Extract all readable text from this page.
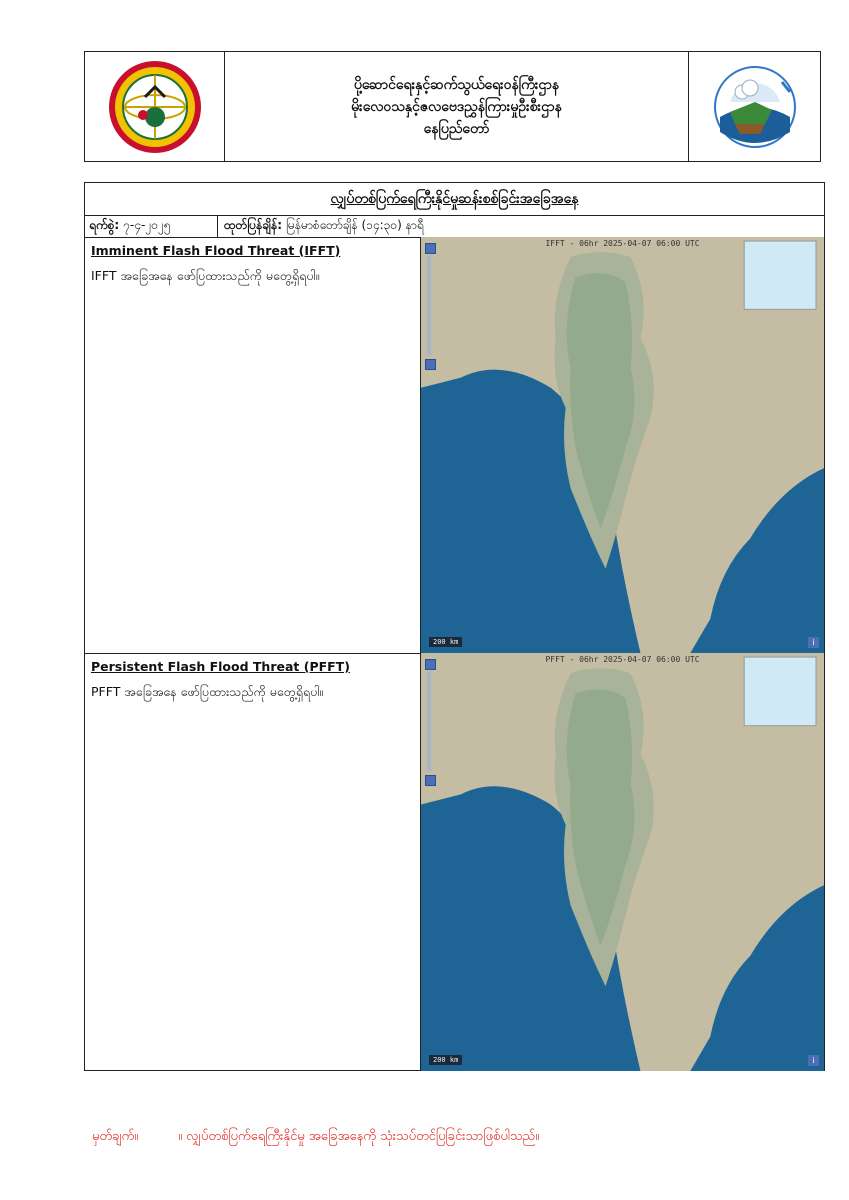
ပို့ဆောင်ရေးနှင့်ဆက်သွယ်ရေးဝန်ကြီးဌာန
မိုးလေဝသနှင့်ဇလဗေဒညွှန်ကြားမှုဦးစီးဌာန
နေပြည်တော်
လျှပ်တစ်ပြက်ရေကြီးနိုင်မှုဆန်းစစ်ခြင်းအခြေအနေ
ရက်စွဲ: ၇-၄-၂၀၂၅	ထုတ်ပြန်ချိန်: မြန်မာစံတော်ချိန် (၁၄:၃၀) နာရီ
Imminent Flash Flood Threat (IFFT)

IFFT အခြေအနေ ဖော်ပြထားသည်ကို မတွေ့ရှိရပါ။

IFFT - 06hr 2025-04-07 06:00 UTC
200 km	i
Persistent Flash Flood Threat (PFFT)

PFFT အခြေအနေ ဖော်ပြထားသည်ကို မတွေ့ရှိရပါ။

PFFT - 06hr 2025-04-07 06:00 UTC
200 km	i
မှတ်ချက်။	။ လျှပ်တစ်ပြက်ရေကြီးနိုင်မှု အခြေအနေကို သုံးသပ်တင်ပြခြင်းသာဖြစ်ပါသည်။
